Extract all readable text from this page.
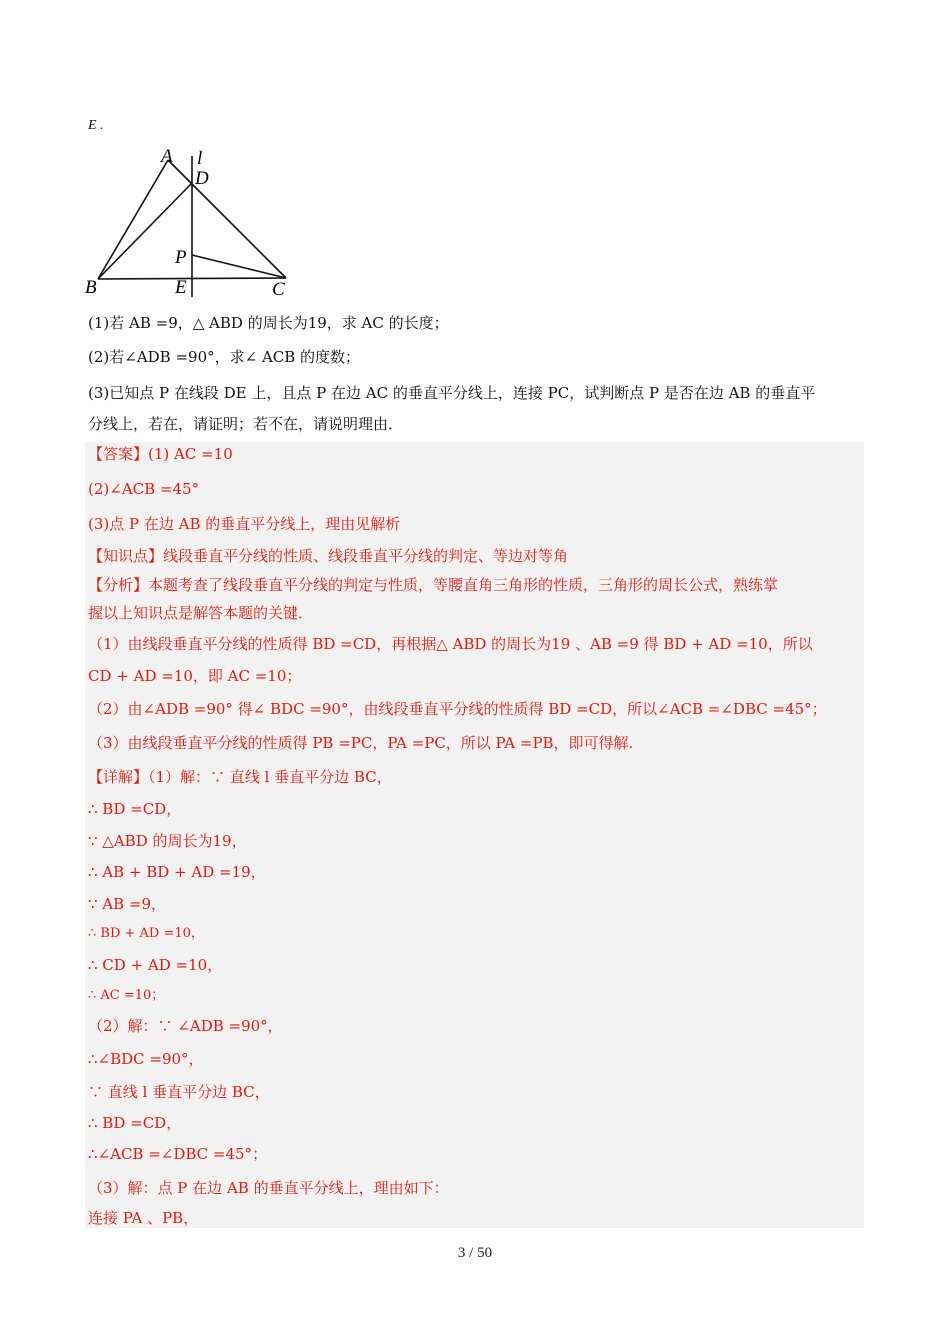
E .
A l
D
P
B	E	C
(1)若 AB =9，△ ABD 的周长为19，求 AC 的长度；
(2)若∠ADB =90°，求∠ ACB 的度数；
(3)已知点 P 在线段 DE 上，且点 P 在边 AC 的垂直平分线上，连接 PC，试判断点 P 是否在边 AB 的垂直平
分线上，若在，请证明；若不在，请说明理由．
【答案】(1) AC =10
(2)∠ACB =45°
(3)点 P 在边 AB 的垂直平分线上，理由见解析
【知识点】线段垂直平分线的性质、线段垂直平分线的判定、等边对等角
【分析】本题考查了线段垂直平分线的判定与性质，等腰直角三角形的性质，三角形的周长公式，熟练掌
握以上知识点是解答本题的关键．
（1）由线段垂直平分线的性质得 BD =CD，再根据△ ABD 的周长为19 、AB =9 得 BD + AD =10，所以
CD + AD =10，即 AC =10；
（2）由∠ADB =90° 得∠ BDC =90°，由线段垂直平分线的性质得 BD =CD，所以∠ACB =∠DBC =45°；
（3）由线段垂直平分线的性质得 PB =PC，PA =PC，所以 PA =PB，即可得解.
【详解】（1）解：∵ 直线 l 垂直平分边 BC，
∴ BD =CD，
∵ △ABD 的周长为19，
∴ AB + BD + AD =19，
∵ AB =9，
∴ BD + AD =10，
∴ CD + AD =10，
∴ AC =10；
（2）解：∵ ∠ADB =90°，
∴∠BDC =90°，
∵ 直线 l 垂直平分边 BC，
∴ BD =CD，
∴∠ACB =∠DBC =45°；
（3）解：点 P 在边 AB 的垂直平分线上，理由如下：
连接 PA 、PB，
3 / 50
